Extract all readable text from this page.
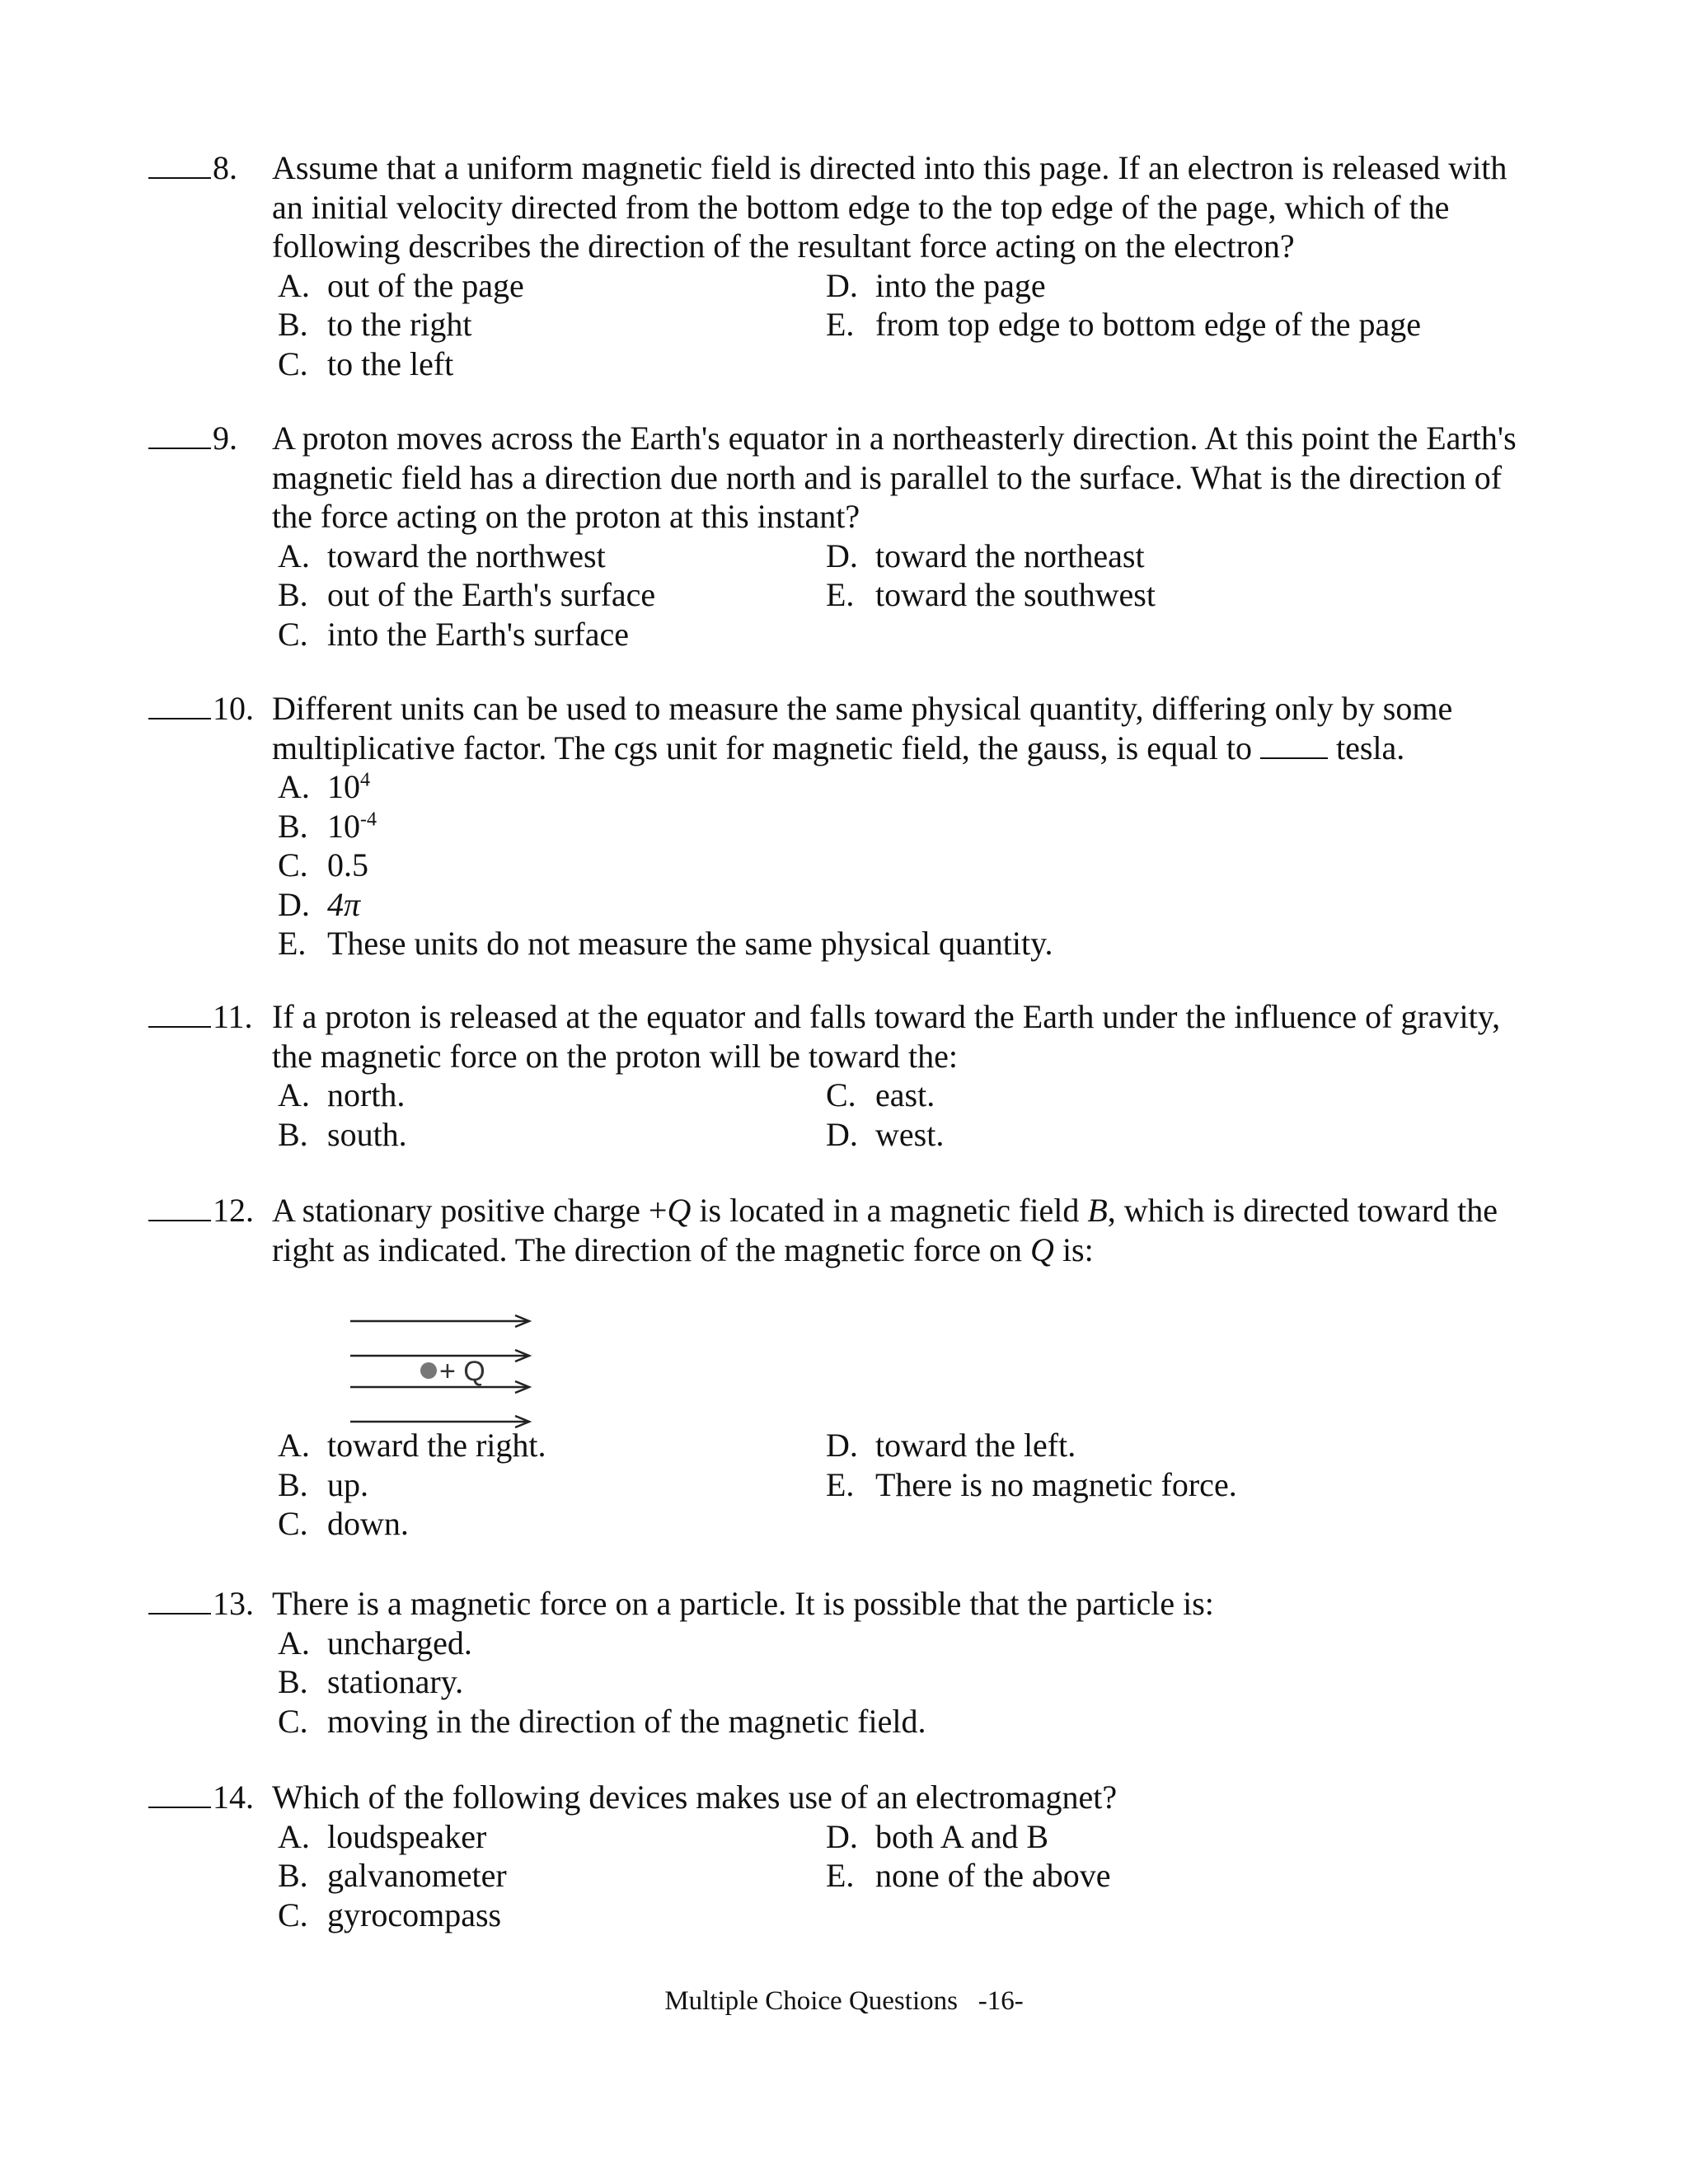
8.	Assume that a uniform magnetic field is directed into this page. If an electron is released with
an initial velocity directed from the bottom edge to the top edge of the page, which of the
following describes the direction of the resultant force acting on the electron?
A. out of the page	D. into the page
B. to the right	E. from top edge to bottom edge of the page
C. to the left
9.	A proton moves across the Earth's equator in a northeasterly direction. At this point the Earth's
magnetic field has a direction due north and is parallel to the surface. What is the direction of
the force acting on the proton at this instant?
A. toward the northwest	D. toward the northeast
B. out of the Earth's surface	E. toward the southwest
C. into the Earth's surface
10. Different units can be used to measure the same physical quantity, differing only by some
multiplicative factor. The cgs unit for magnetic field, the gauss, is equal to  tesla.
A. $10^4$
B. $10^{-4}$
C. 0.5
D. 4π
E. These units do not measure the same physical quantity.
11. If a proton is released at the equator and falls toward the Earth under the influence of gravity,
the magnetic force on the proton will be toward the:
A. north.	C. east.
B. south.	D. west.
12. A stationary positive charge +Q is located in a magnetic field B, which is directed toward the
right as indicated. The direction of the magnetic force on Q is:
A. toward the right.	D. toward the left.
B. up.	E. There is no magnetic force.
C. down.
+ Q
13. There is a magnetic force on a particle. It is possible that the particle is:
A. uncharged.
B. stationary.
C. moving in the direction of the magnetic field.
14. Which of the following devices makes use of an electromagnet?
A. loudspeaker	D. both A and B
B. galvanometer	E. none of the above
C. gyrocompass
Multiple Choice Questions   -16-
